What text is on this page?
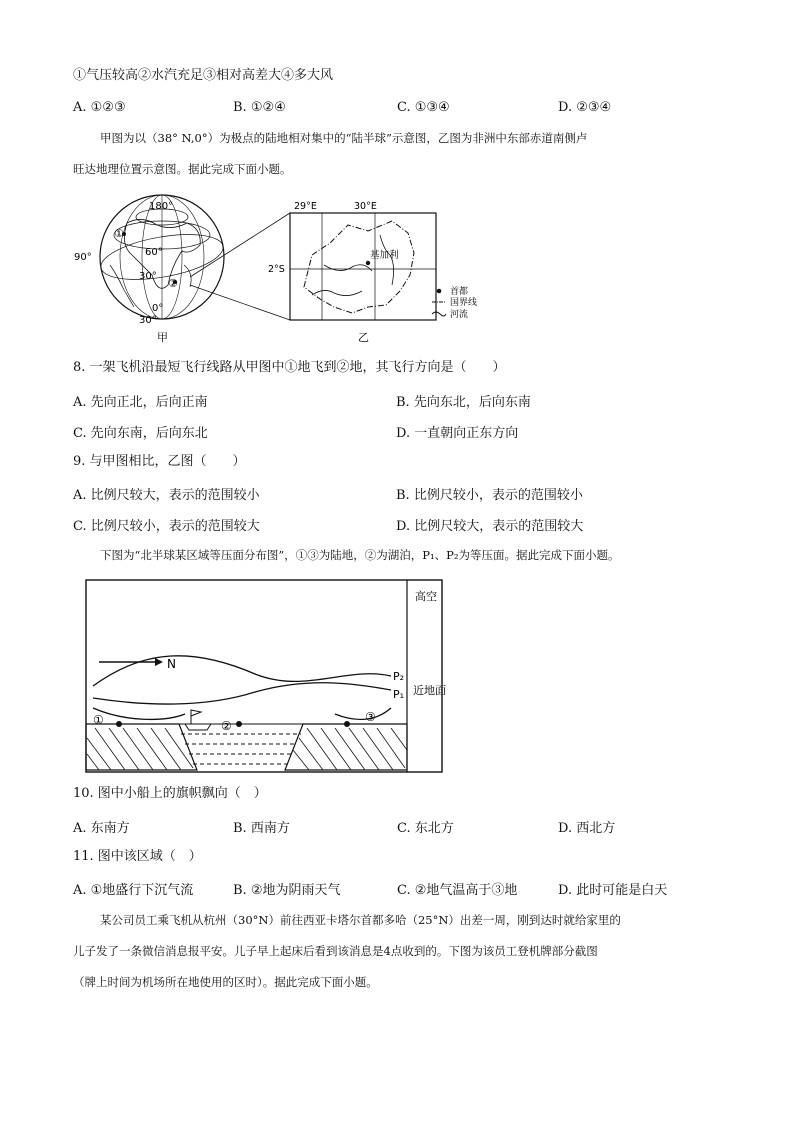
①气压较高②水汽充足③相对高差大④多大风
A. ①②③	B. ①②④	C. ①③④	D. ②③④
甲图为以（38° N,0°）为极点的陆地相对集中的“陆半球”示意图，乙图为非洲中东部赤道南侧卢
旺达地理位置示意图。据此完成下面小题。
180°
90°	60°
30°
0°
30°
①
②
甲
29°E	30°E
2°S
基加利
首都
国界线
河流
乙
8. 一架飞机沿最短飞行线路从甲图中①地飞到②地，其飞行方向是（　　）
A. 先向正北，后向正南	B. 先向东北，后向东南
C. 先向东南，后向东北	D. 一直朝向正东方向
9. 与甲图相比，乙图（　　）
A. 比例尺较大，表示的范围较小	B. 比例尺较小，表示的范围较小
C. 比例尺较小，表示的范围较大	D. 比例尺较大，表示的范围较大
下图为“北半球某区域等压面分布图”，①③为陆地，②为湖泊，P₁、P₂为等压面。据此完成下面小题。
高空
近地面
N
P₂
P₁
①	②
③
10. 图中小船上的旗帜飘向（　）
A. 东南方	B. 西南方	C. 东北方	D. 西北方
11. 图中该区域（　）
A. ①地盛行下沉气流	B. ②地为阴雨天气	C. ②地气温高于③地	D. 此时可能是白天
某公司员工乘飞机从杭州（30°N）前往西亚卡塔尔首都多哈（25°N）出差一周，刚到达时就给家里的
儿子发了一条微信消息报平安。儿子早上起床后看到该消息是4点收到的。下图为该员工登机牌部分截图
（牌上时间为机场所在地使用的区时）。据此完成下面小题。
